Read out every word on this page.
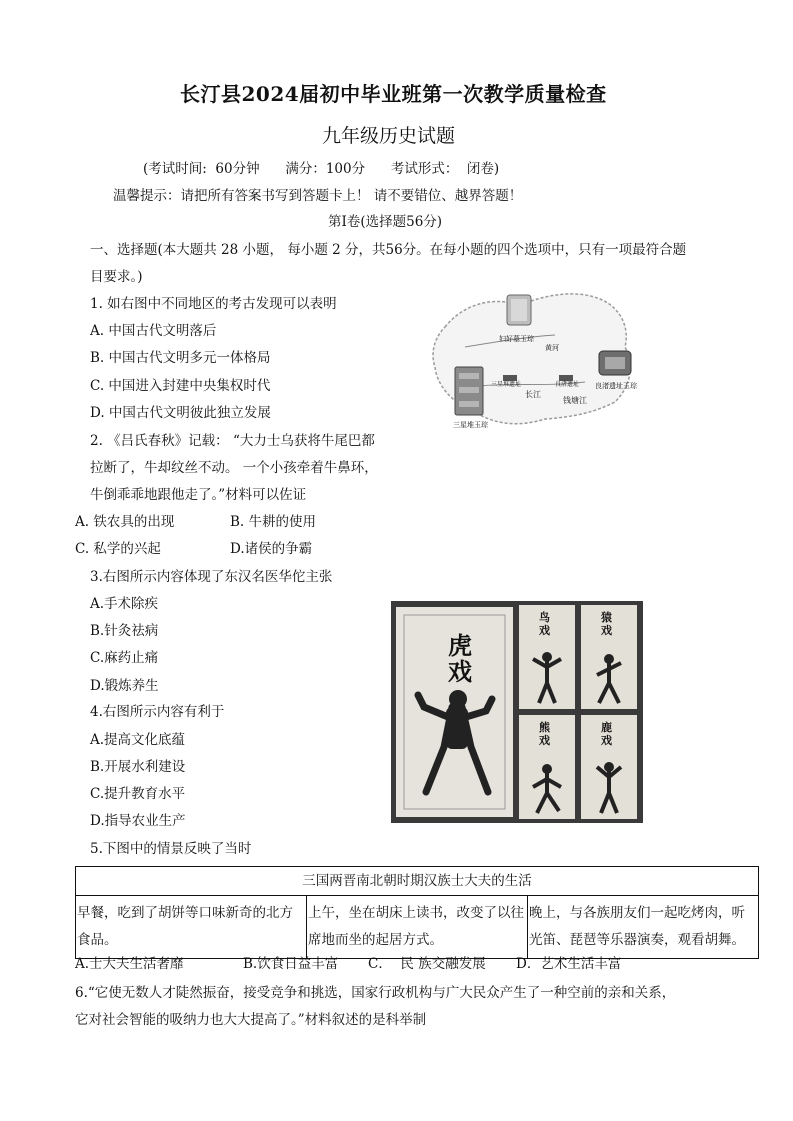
长汀县2024届初中毕业班第一次教学质量检查
九年级历史试题
(考试时间:  60分钟      满分：100分      考试形式：  闭卷)
温馨提示：请把所有答案书写到答题卡上！ 请不要错位、越界答题！
第Ⅰ卷(选择题56分)
一、选择题(本大题共 28 小题， 每小题 2 分，共56分。在每小题的四个选项中，只有一项最符合题
目要求。)
1. 如右图中不同地区的考古发现可以表明
A. 中国古代文明落后
B. 中国古代文明多元一体格局
C. 中国进入封建中央集权时代
D. 中国古代文明彼此独立发展
妇好墓玉琮
黄河
三星堆玉琮
良渚遗址玉琮
长江
钱塘江
三星堆遗址	良渚遗址
2. 《吕氏春秋》记载： “大力士乌获将牛尾巴都
拉断了，牛却纹丝不动。 一个小孩牵着牛鼻环，
牛倒乖乖地跟他走了。”材料可以佐证
A. 铁农具的出现	B. 牛耕的使用
C. 私学的兴起	D.诸侯的争霸
3.右图所示内容体现了东汉名医华佗主张
A.手术除疾
B.针灸祛病
C.麻药止痛
D.锻炼养生
4.右图所示内容有利于
A.提高文化底蕴
B.开展水利建设
C.提升教育水平
D.指导农业生产
虎戏
鸟戏
猿戏
熊戏
鹿戏
5.下图中的情景反映了当时
三国两晋南北朝时期汉族士大夫的生活
早餐，吃到了胡饼等口味新奇的北方食品。	上午，坐在胡床上读书，改变了以往席地而坐的起居方式。	晚上，与各族朋友们一起吃烤肉，听光笛、琵琶等乐器演奏，观看胡舞。
A.士大夫生活奢靡	B.饮食日益丰富 C．  民 族交融发展 D．艺术生活丰富
6.“它使无数人才陡然振奋，接受竞争和挑选，国家行政机构与广大民众产生了一种空前的亲和关系，
它对社会智能的吸纳力也大大提高了。”材料叙述的是科举制
